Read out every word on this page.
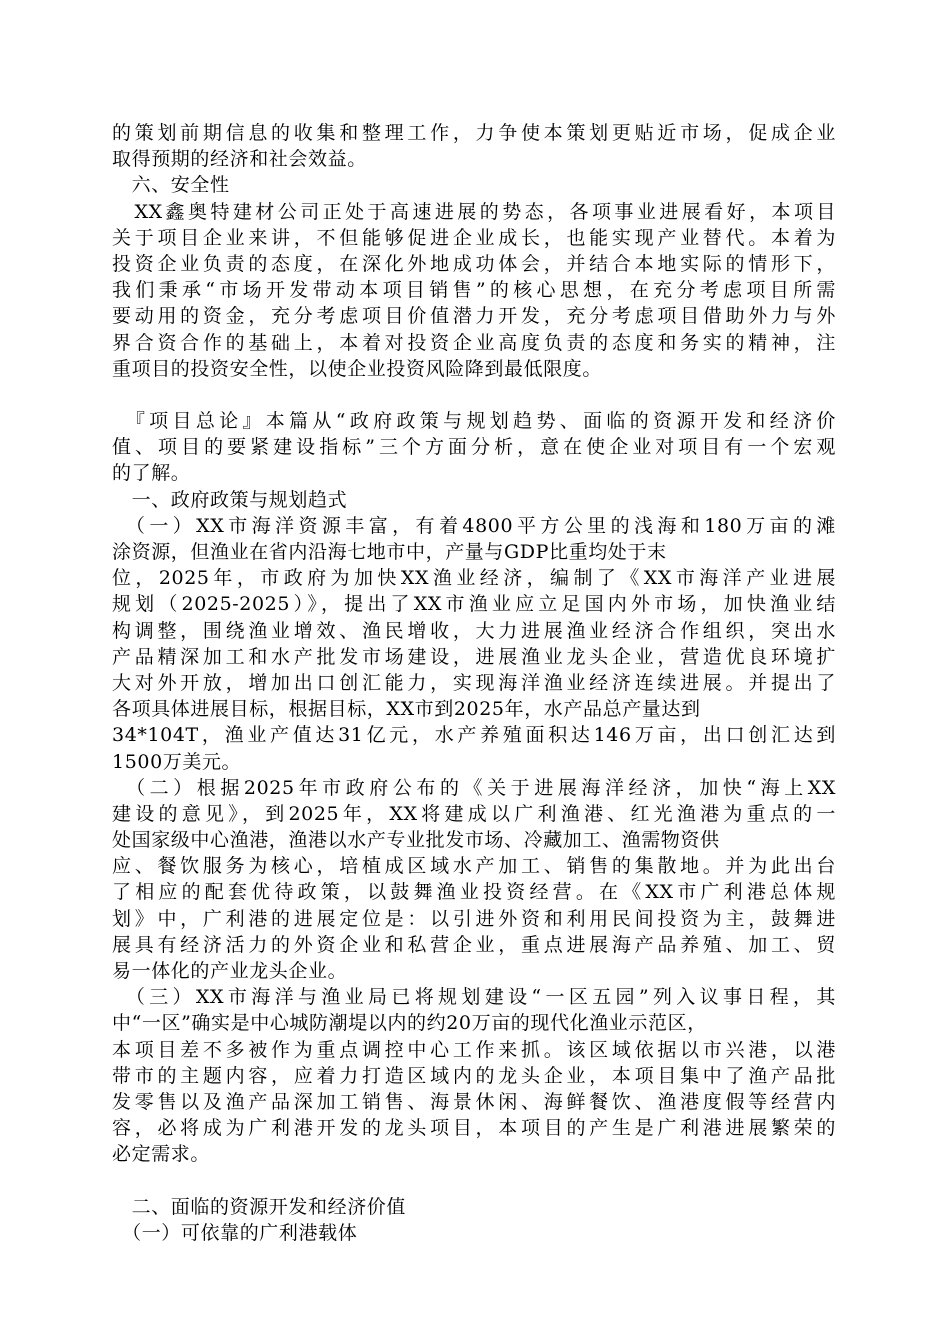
的策划前期信息的收集和整理工作，力争使本策划更贴近市场，促成企业
取得预期的经济和社会效益。
　六、安全性
　XX鑫奥特建材公司正处于高速进展的势态，各项事业进展看好，本项目
关于项目企业来讲，不但能够促进企业成长，也能实现产业替代。本着为
投资企业负责的态度，在深化外地成功体会，并结合本地实际的情形下，
我们秉承“市场开发带动本项目销售”的核心思想，在充分考虑项目所需
要动用的资金，充分考虑项目价值潜力开发，充分考虑项目借助外力与外
界合资合作的基础上，本着对投资企业高度负责的态度和务实的精神，注
重项目的投资安全性，以使企业投资风险降到最低限度。
　『项目总论』本篇从“政府政策与规划趋势、面临的资源开发和经济价
值、项目的要紧建设指标”三个方面分析，意在使企业对项目有一个宏观
的了解。
　一、政府政策与规划趋式
　（一）XX市海洋资源丰富，有着4800平方公里的浅海和180万亩的滩
涂资源，但渔业在省内沿海七地市中，产量与GDP比重均处于末
位，2025年，市政府为加快XX渔业经济，编制了《XX市海洋产业进展
规划（2025-2025）》，提出了XX市渔业应立足国内外市场，加快渔业结
构调整，围绕渔业增效、渔民增收，大力进展渔业经济合作组织，突出水
产品精深加工和水产批发市场建设，进展渔业龙头企业，营造优良环境扩
大对外开放，增加出口创汇能力，实现海洋渔业经济连续进展。并提出了
各项具体进展目标，根据目标，XX市到2025年，水产品总产量达到
34*104T，渔业产值达31亿元，水产养殖面积达146万亩，出口创汇达到
1500万美元。
　（二）根据2025年市政府公布的《关于进展海洋经济，加快“海上XX
建设的意见》，到2025年，XX将建成以广利渔港、红光渔港为重点的一
处国家级中心渔港，渔港以水产专业批发市场、冷藏加工、渔需物资供
应、餐饮服务为核心，培植成区域水产加工、销售的集散地。并为此出台
了相应的配套优待政策，以鼓舞渔业投资经营。在《XX市广利港总体规
划》中，广利港的进展定位是：以引进外资和利用民间投资为主，鼓舞进
展具有经济活力的外资企业和私营企业，重点进展海产品养殖、加工、贸
易一体化的产业龙头企业。
　（三）XX市海洋与渔业局已将规划建设“一区五园”列入议事日程，其
中“一区”确实是中心城防潮堤以内的约20万亩的现代化渔业示范区，
本项目差不多被作为重点调控中心工作来抓。该区域依据以市兴港，以港
带市的主题内容，应着力打造区域内的龙头企业，本项目集中了渔产品批
发零售以及渔产品深加工销售、海景休闲、海鲜餐饮、渔港度假等经营内
容，必将成为广利港开发的龙头项目，本项目的产生是广利港进展繁荣的
必定需求。
　二、面临的资源开发和经济价值
　（一）可依靠的广利港载体
